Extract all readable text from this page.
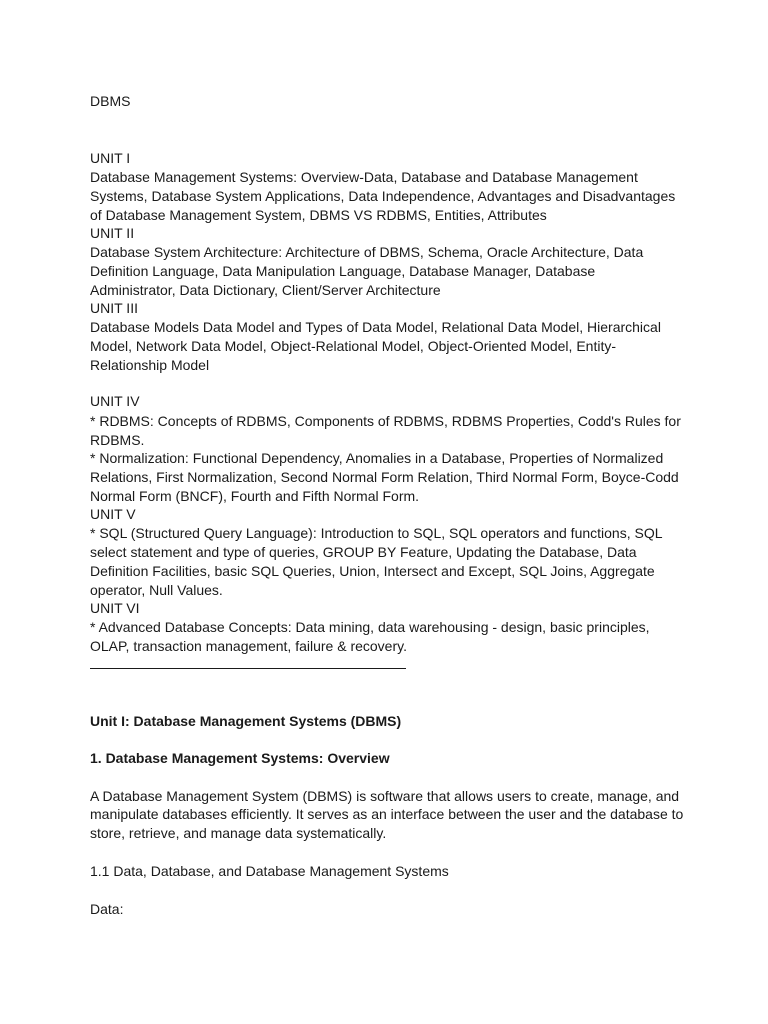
DBMS
UNIT I
Database Management Systems: Overview-Data, Database and Database Management
Systems, Database System Applications, Data Independence, Advantages and Disadvantages
of Database Management System, DBMS VS RDBMS, Entities, Attributes
UNIT II
Database System Architecture: Architecture of DBMS, Schema, Oracle Architecture, Data
Definition Language, Data Manipulation Language, Database Manager, Database
Administrator, Data Dictionary, Client/Server Architecture
UNIT III
Database Models Data Model and Types of Data Model, Relational Data Model, Hierarchical
Model, Network Data Model, Object-Relational Model, Object-Oriented Model, Entity-
Relationship Model
UNIT IV
* RDBMS: Concepts of RDBMS, Components of RDBMS, RDBMS Properties, Codd's Rules for
RDBMS.
* Normalization: Functional Dependency, Anomalies in a Database, Properties of Normalized
Relations, First Normalization, Second Normal Form Relation, Third Normal Form, Boyce-Codd
Normal Form (BNCF), Fourth and Fifth Normal Form.
UNIT V
* SQL (Structured Query Language): Introduction to SQL, SQL operators and functions, SQL
select statement and type of queries, GROUP BY Feature, Updating the Database, Data
Definition Facilities, basic SQL Queries, Union, Intersect and Except, SQL Joins, Aggregate
operator, Null Values.
UNIT VI
* Advanced Database Concepts: Data mining, data warehousing - design, basic principles,
OLAP, transaction management, failure & recovery.
Unit I: Database Management Systems (DBMS)
1. Database Management Systems: Overview
A Database Management System (DBMS) is software that allows users to create, manage, and
manipulate databases efficiently. It serves as an interface between the user and the database to
store, retrieve, and manage data systematically.
1.1 Data, Database, and Database Management Systems
Data:
